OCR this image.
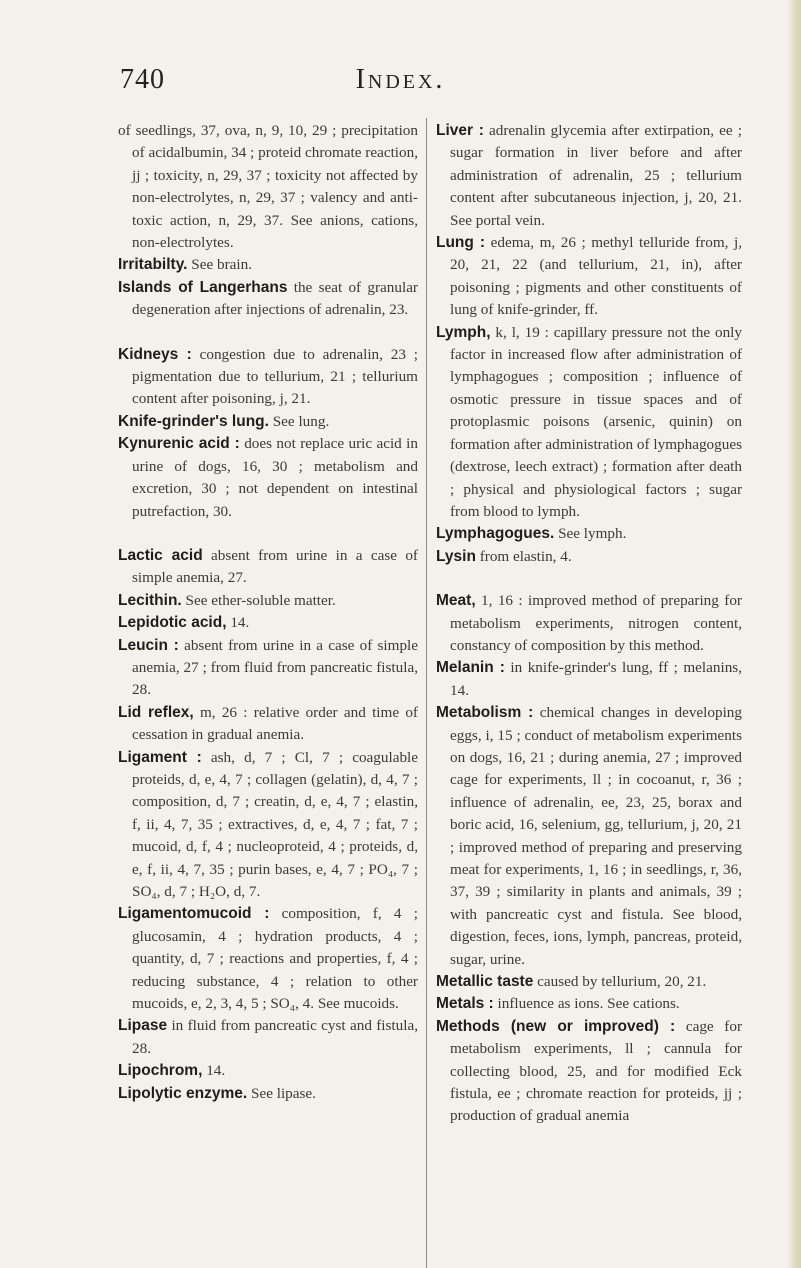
740	Index.

of seedlings, 37, ova, n, 9, 10, 29 ; precipitation of acidalbumin, 34 ; proteid chromate reaction, jj ; toxicity, n, 29, 37 ; toxicity not affected by non-electrolytes, n, 29, 37 ; valency and anti-toxic action, n, 29, 37. See anions, cations, non-electrolytes.

Irritabilty. See brain.

Islands of Langerhans the seat of granular degeneration after injections of adrenalin, 23.

Kidneys : congestion due to adrenalin, 23 ; pigmentation due to tellurium, 21 ; tellurium content after poisoning, j, 21.

Knife-grinder's lung. See lung.

Kynurenic acid : does not replace uric acid in urine of dogs, 16, 30 ; metabolism and excretion, 30 ; not dependent on intestinal putrefaction, 30.

Lactic acid absent from urine in a case of simple anemia, 27.

Lecithin. See ether-soluble matter.

Lepidotic acid, 14.

Leucin : absent from urine in a case of simple anemia, 27 ; from fluid from pancreatic fistula, 28.

Lid reflex, m, 26 : relative order and time of cessation in gradual anemia.

Ligament : ash, d, 7 ; Cl, 7 ; coagulable proteids, d, e, 4, 7 ; collagen (gelatin), d, 4, 7 ; composition, d, 7 ; creatin, d, e, 4, 7 ; elastin, f, ii, 4, 7, 35 ; extractives, d, e, 4, 7 ; fat, 7 ; mucoid, d, f, 4 ; nucleoproteid, 4 ; proteids, d, e, f, ii, 4, 7, 35 ; purin bases, e, 4, 7 ; PO₄, 7 ; SO₄, d, 7 ; H₂O, d, 7.

Ligamentomucoid : composition, f, 4 ; glucosamin, 4 ; hydration products, 4 ; quantity, d, 7 ; reactions and properties, f, 4 ; reducing substance, 4 ; relation to other mucoids, e, 2, 3, 4, 5 ; SO₄, 4. See mucoids.

Lipase in fluid from pancreatic cyst and fistula, 28.

Lipochrom, 14.

Lipolytic enzyme. See lipase.

Liver : adrenalin glycemia after extirpation, ee ; sugar formation in liver before and after administration of adrenalin, 25 ; tellurium content after subcutaneous injection, j, 20, 21. See portal vein.

Lung : edema, m, 26 ; methyl telluride from, j, 20, 21, 22 (and tellurium, 21, in), after poisoning ; pigments and other constituents of lung of knife-grinder, ff.

Lymph, k, l, 19 : capillary pressure not the only factor in increased flow after administration of lymphagogues ; composition ; influence of osmotic pressure in tissue spaces and of protoplasmic poisons (arsenic, quinin) on formation after administration of lymphagogues (dextrose, leech extract) ; formation after death ; physical and physiological factors ; sugar from blood to lymph.

Lymphagogues. See lymph.

Lysin from elastin, 4.

Meat, 1, 16 : improved method of preparing for metabolism experiments, nitrogen content, constancy of composition by this method.

Melanin : in knife-grinder's lung, ff ; melanins, 14.

Metabolism : chemical changes in developing eggs, i, 15 ; conduct of metabolism experiments on dogs, 16, 21 ; during anemia, 27 ; improved cage for experiments, ll ; in cocoanut, r, 36 ; influence of adrenalin, ee, 23, 25, borax and boric acid, 16, selenium, gg, tellurium, j, 20, 21 ; improved method of preparing and preserving meat for experiments, 1, 16 ; in seedlings, r, 36, 37, 39 ; similarity in plants and animals, 39 ; with pancreatic cyst and fistula. See blood, digestion, feces, ions, lymph, pancreas, proteid, sugar, urine.

Metallic taste caused by tellurium, 20, 21.

Metals : influence as ions. See cations.

Methods (new or improved) : cage for metabolism experiments, ll ; cannula for collecting blood, 25, and for modified Eck fistula, ee ; chromate reaction for proteids, jj ; production of gradual anemia
